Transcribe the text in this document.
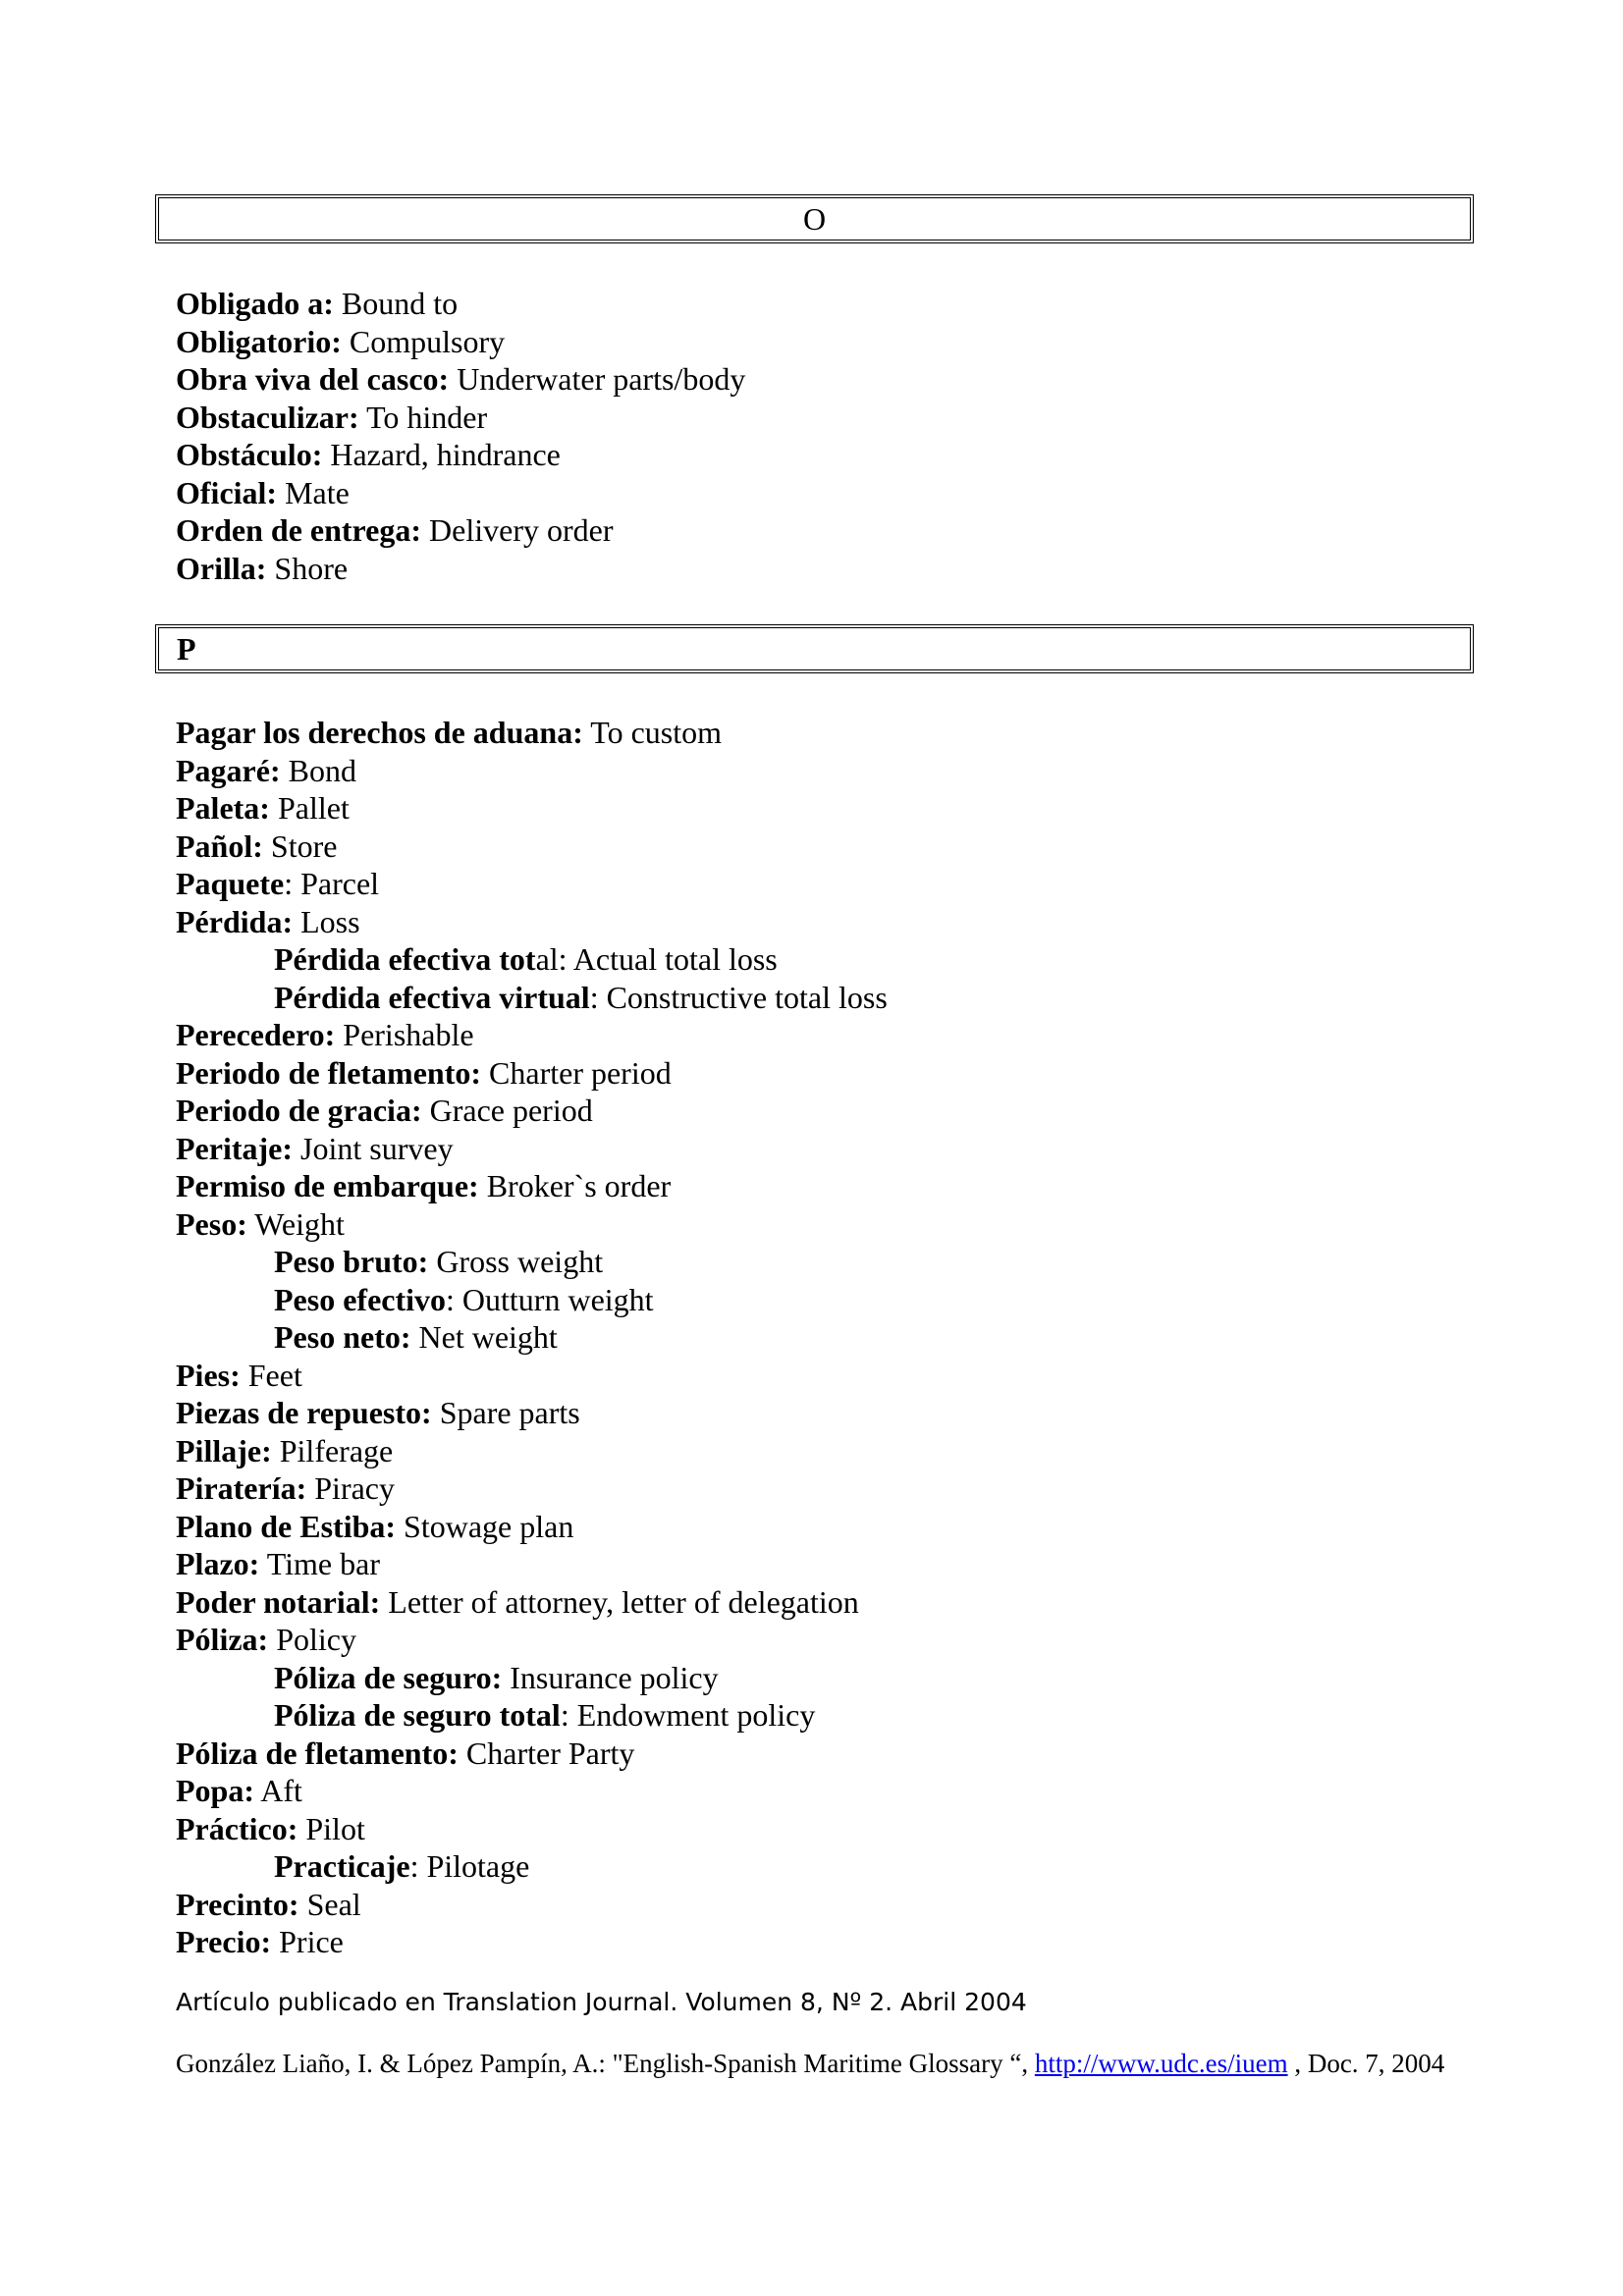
O
Obligado a: Bound to
Obligatorio: Compulsory
Obra viva del casco: Underwater parts/body
Obstaculizar: To hinder
Obstáculo: Hazard, hindrance
Oficial: Mate
Orden de entrega: Delivery order
Orilla: Shore
P
Pagar los derechos de aduana: To custom
Pagaré: Bond
Paleta: Pallet
Pañol: Store
Paquete: Parcel
Pérdida: Loss
Pérdida efectiva total: Actual total loss
Pérdida efectiva virtual: Constructive total loss
Perecedero: Perishable
Periodo de fletamento: Charter period
Periodo de gracia: Grace period
Peritaje: Joint survey
Permiso de embarque: Broker`s order
Peso: Weight
Peso bruto: Gross weight
Peso efectivo: Outturn weight
Peso neto: Net weight
Pies: Feet
Piezas de repuesto: Spare parts
Pillaje: Pilferage
Piratería: Piracy
Plano de Estiba: Stowage plan
Plazo: Time bar
Poder notarial: Letter of attorney, letter of delegation
Póliza: Policy
Póliza de seguro: Insurance policy
Póliza de seguro total: Endowment policy
Póliza de fletamento: Charter Party
Popa: Aft
Práctico: Pilot
Practicaje: Pilotage
Precinto: Seal
Precio: Price
Artículo publicado en Translation Journal. Volumen 8, Nº 2. Abril 2004
González Liaño, I. & López Pampín, A.: "English-Spanish Maritime Glossary “, http://www.udc.es/iuem , Doc. 7, 2004
